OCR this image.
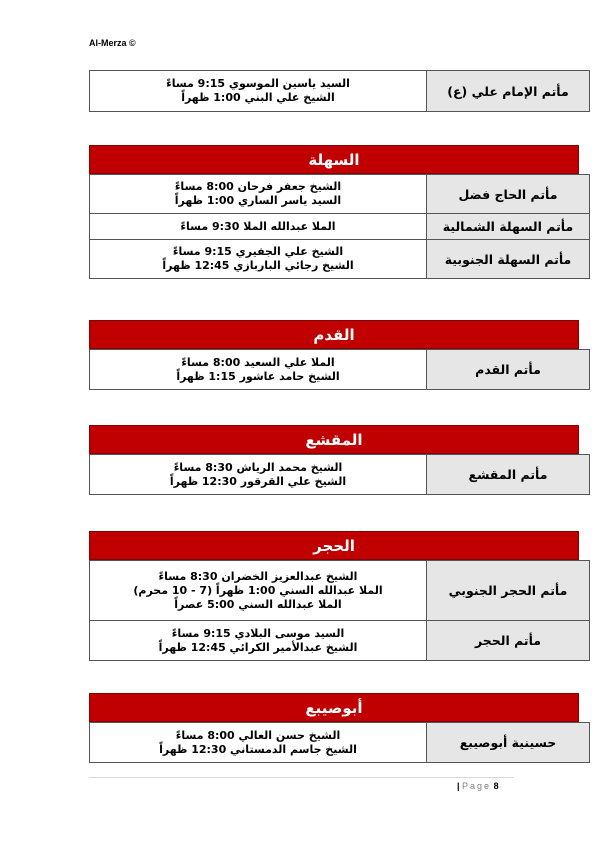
Al-Merza ©
السيد ياسين الموسوي 9:15 مساءً
الشيخ علي البني 1:00 ظهراً	مأتم الإمام علي (ع)
السهلة
الشيخ جعفر فرحان 8:00 مساءً
السيد ياسر الساري 1:00 ظهراً	مأتم الحاج فضل

الملا عبدالله الملا 9:30 مساءً	مأتم السهلة الشمالية

الشيخ علي الجفيري 9:15 مساءً
الشيخ رجائي الباربازي 12:45 ظهراً	مأتم السهلة الجنوبية
القدم
الملا علي السعيد 8:00 مساءً
الشيخ حامد عاشور 1:15 ظهراً	مأتم القدم
المقشع
الشيخ محمد الرياش 8:30 مساءً
الشيخ علي القرقور 12:30 ظهراً	مأتم المقشع
الحجر
الشيخ عبدالعزيز الخضران 8:30 مساءً
الملا عبدالله السني 1:00 ظهراً (7 - 10 محرم)
الملا عبدالله السني 5:00 عصراً	مأتم الحجر الجنوبي

السيد موسى البلادي 9:15 مساءً
الشيخ عبدالأمير الكرائي 12:45 ظهراً	مأتم الحجر
أبوصيبع
الشيخ حسن العالي 8:00 مساءً
الشيخ جاسم الدمستاني 12:30 ظهراً	حسينية أبوصيبع
| Page 8
